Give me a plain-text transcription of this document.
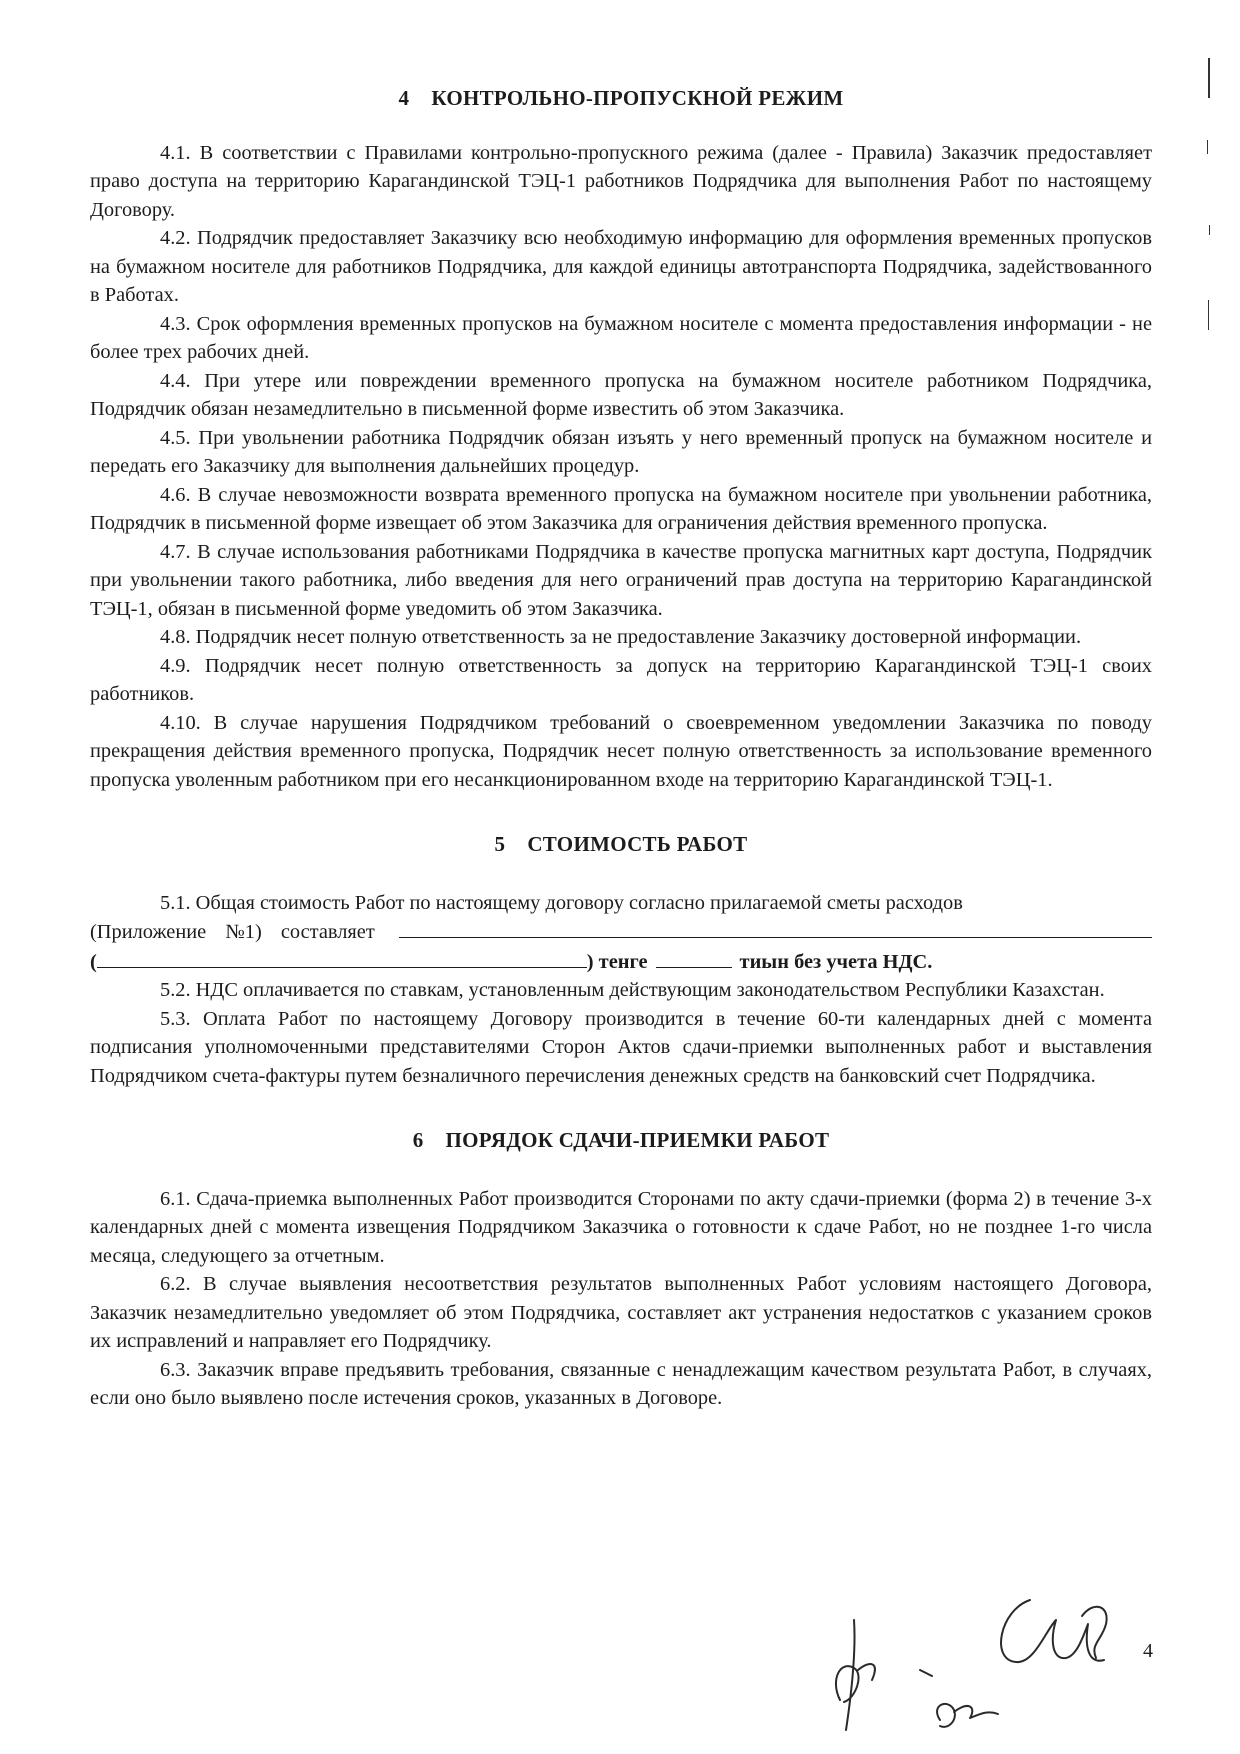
4 КОНТРОЛЬНО-ПРОПУСКНОЙ РЕЖИМ

4.1. В соответствии с Правилами контрольно-пропускного режима (далее - Правила) Заказчик предоставляет право доступа на территорию Карагандинской ТЭЦ-1 работников Подрядчика для выполнения Работ по настоящему Договору.

4.2. Подрядчик предоставляет Заказчику всю необходимую информацию для оформления временных пропусков на бумажном носителе для работников Подрядчика, для каждой единицы автотранспорта Подрядчика, задействованного в Работах.

4.3. Срок оформления временных пропусков на бумажном носителе с момента предоставления информации - не более трех рабочих дней.

4.4. При утере или повреждении временного пропуска на бумажном носителе работником Подрядчика, Подрядчик обязан незамедлительно в письменной форме известить об этом Заказчика.

4.5. При увольнении работника Подрядчик обязан изъять у него временный пропуск на бумажном носителе и передать его Заказчику для выполнения дальнейших процедур.

4.6. В случае невозможности возврата временного пропуска на бумажном носителе при увольнении работника, Подрядчик в письменной форме извещает об этом Заказчика для ограничения действия временного пропуска.

4.7. В случае использования работниками Подрядчика в качестве пропуска магнитных карт доступа, Подрядчик при увольнении такого работника, либо введения для него ограничений прав доступа на территорию Карагандинской ТЭЦ-1, обязан в письменной форме уведомить об этом Заказчика.

4.8. Подрядчик несет полную ответственность за не предоставление Заказчику достоверной информации.

4.9. Подрядчик несет полную ответственность за допуск на территорию Карагандинской ТЭЦ-1 своих работников.

4.10. В случае нарушения Подрядчиком требований о своевременном уведомлении Заказчика по поводу прекращения действия временного пропуска, Подрядчик несет полную ответственность за использование временного пропуска уволенным работником при его несанкционированном входе на территорию Карагандинской ТЭЦ-1.

5 СТОИМОСТЬ РАБОТ

5.1. Общая стоимость Работ по настоящему договору согласно прилагаемой сметы расходов

(Приложение №1) составляет
(	) тенге	тиын без учета НДС.

5.2. НДС оплачивается по ставкам, установленным действующим законодательством Республики Казахстан.

5.3. Оплата Работ по настоящему Договору производится в течение 60-ти календарных дней с момента подписания уполномоченными представителями Сторон Актов сдачи-приемки выполненных работ и выставления Подрядчиком счета-фактуры путем безналичного перечисления денежных средств на банковский счет Подрядчика.

6 ПОРЯДОК СДАЧИ-ПРИЕМКИ РАБОТ

6.1. Сдача-приемка выполненных Работ производится Сторонами по акту сдачи-приемки (форма 2) в течение 3-х календарных дней с момента извещения Подрядчиком Заказчика о готовности к сдаче Работ, но не позднее 1-го числа месяца, следующего за отчетным.

6.2. В случае выявления несоответствия результатов выполненных Работ условиям настоящего Договора, Заказчик незамедлительно уведомляет об этом Подрядчика, составляет акт устранения недостатков с указанием сроков их исправлений и направляет его Подрядчику.

6.3. Заказчик вправе предъявить требования, связанные с ненадлежащим качеством результата Работ, в случаях, если оно было выявлено после истечения сроков, указанных в Договоре.

4
